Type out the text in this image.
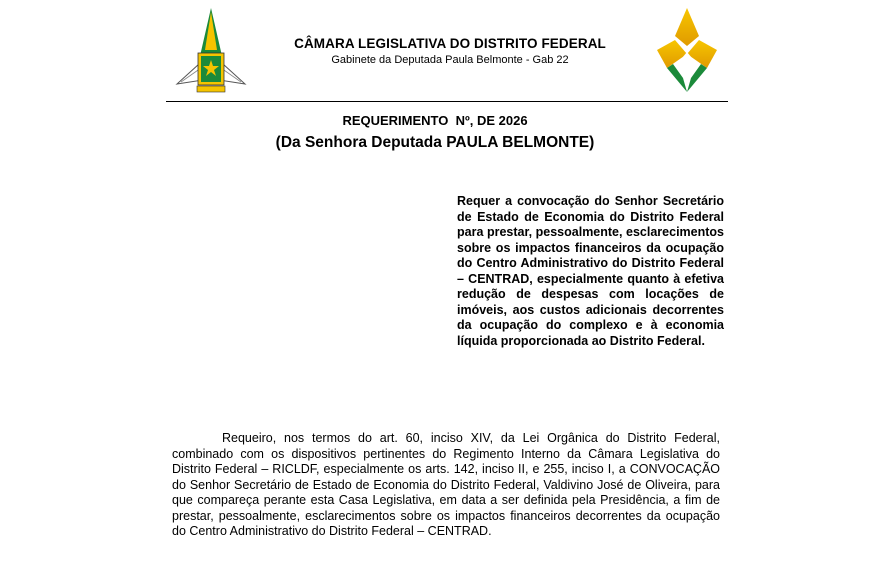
CÂMARA LEGISLATIVA DO DISTRITO FEDERAL
Gabinete da Deputada Paula Belmonte - Gab 22
REQUERIMENTO  Nº, DE 2026
(Da Senhora Deputada PAULA BELMONTE)
Requer a convocação do Senhor Secretário de Estado de Economia do Distrito Federal para prestar, pessoalmente, esclarecimentos sobre os impactos financeiros da ocupação do Centro Administrativo do Distrito Federal – CENTRAD, especialmente quanto à efetiva redução de despesas com locações de imóveis, aos custos adicionais decorrentes da ocupação do complexo e à economia líquida proporcionada ao Distrito Federal.
Requeiro, nos termos do art. 60, inciso XIV, da Lei Orgânica do Distrito Federal, combinado com os dispositivos pertinentes do Regimento Interno da Câmara Legislativa do Distrito Federal – RICLDF, especialmente os arts. 142, inciso II, e 255, inciso I, a CONVOCAÇÃO do Senhor Secretário de Estado de Economia do Distrito Federal, Valdivino José de Oliveira, para que compareça perante esta Casa Legislativa, em data a ser definida pela Presidência, a fim de prestar, pessoalmente, esclarecimentos sobre os impactos financeiros decorrentes da ocupação do Centro Administrativo do Distrito Federal – CENTRAD.
